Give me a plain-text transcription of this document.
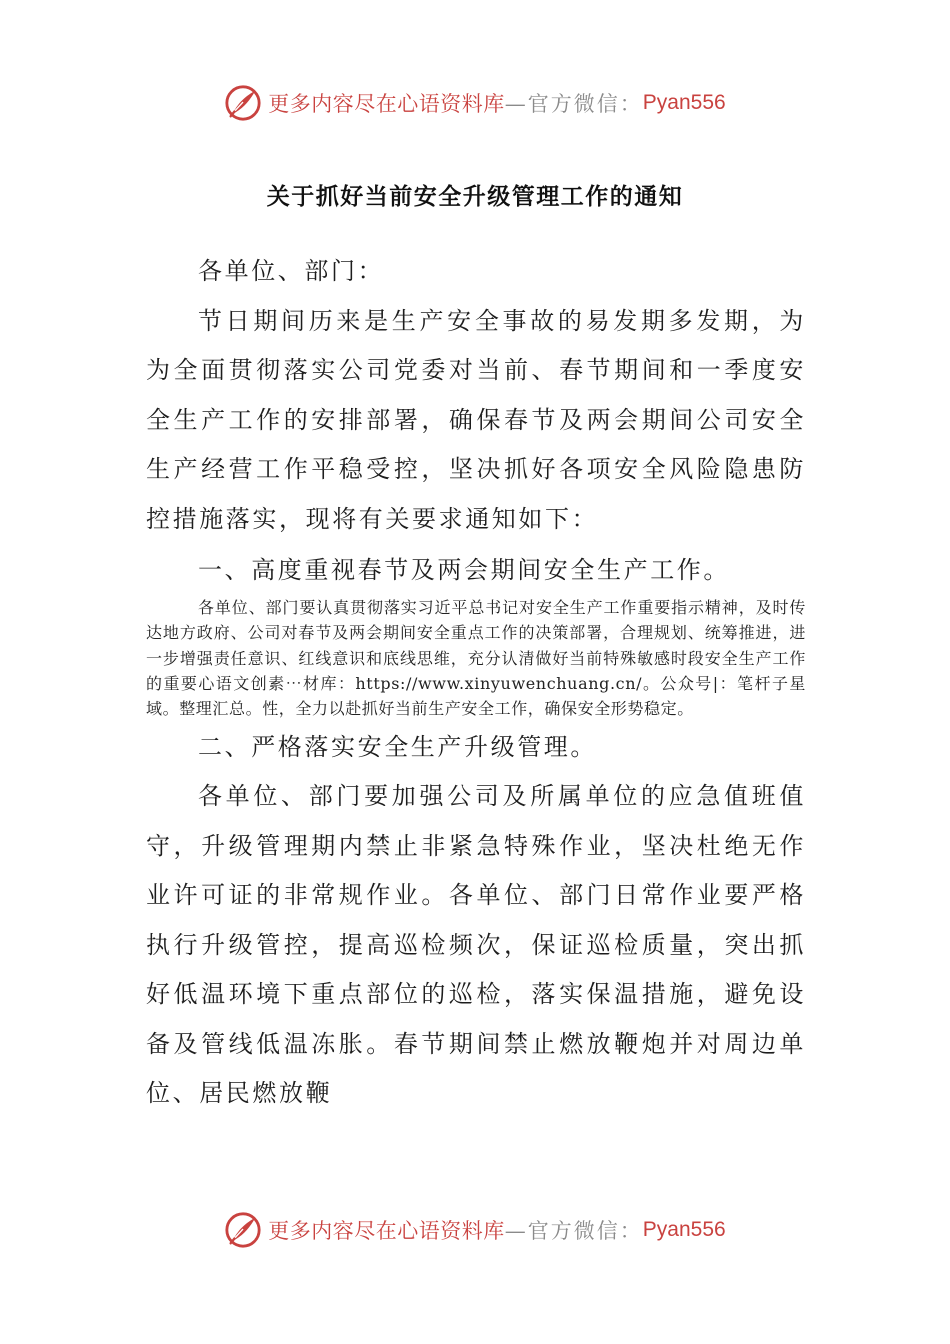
更多内容尽在心语资料库 —官方微信： Pyan556
关于抓好当前安全升级管理工作的通知

各单位、部门：

节日期间历来是生产安全事故的易发期多发期，为为全面贯彻落实公司党委对当前、春节期间和一季度安全生产工作的安排部署，确保春节及两会期间公司安全生产经营工作平稳受控，坚决抓好各项安全风险隐患防控措施落实，现将有关要求通知如下：

一、高度重视春节及两会期间安全生产工作。

各单位、部门要认真贯彻落实习近平总书记对安全生产工作重要指示精神，及时传达地方政府、公司对春节及两会期间安全重点工作的决策部署，合理规划、统筹推进，进一步增强责任意识、红线意识和底线思维，充分认清做好当前特殊敏感时段安全生产工作的重要心语文创素⋯材库：https://www.xinyuwenchuang.cn/。公众号|：笔杆子星域。整理汇总。性，全力以赴抓好当前生产安全工作，确保安全形势稳定。

二、严格落实安全生产升级管理。

各单位、部门要加强公司及所属单位的应急值班值守，升级管理期内禁止非紧急特殊作业，坚决杜绝无作业许可证的非常规作业。各单位、部门日常作业要严格执行升级管控，提高巡检频次，保证巡检质量，突出抓好低温环境下重点部位的巡检，落实保温措施，避免设备及管线低温冻胀。春节期间禁止燃放鞭炮并对周边单位、居民燃放鞭

更多内容尽在心语资料库 —官方微信： Pyan556
